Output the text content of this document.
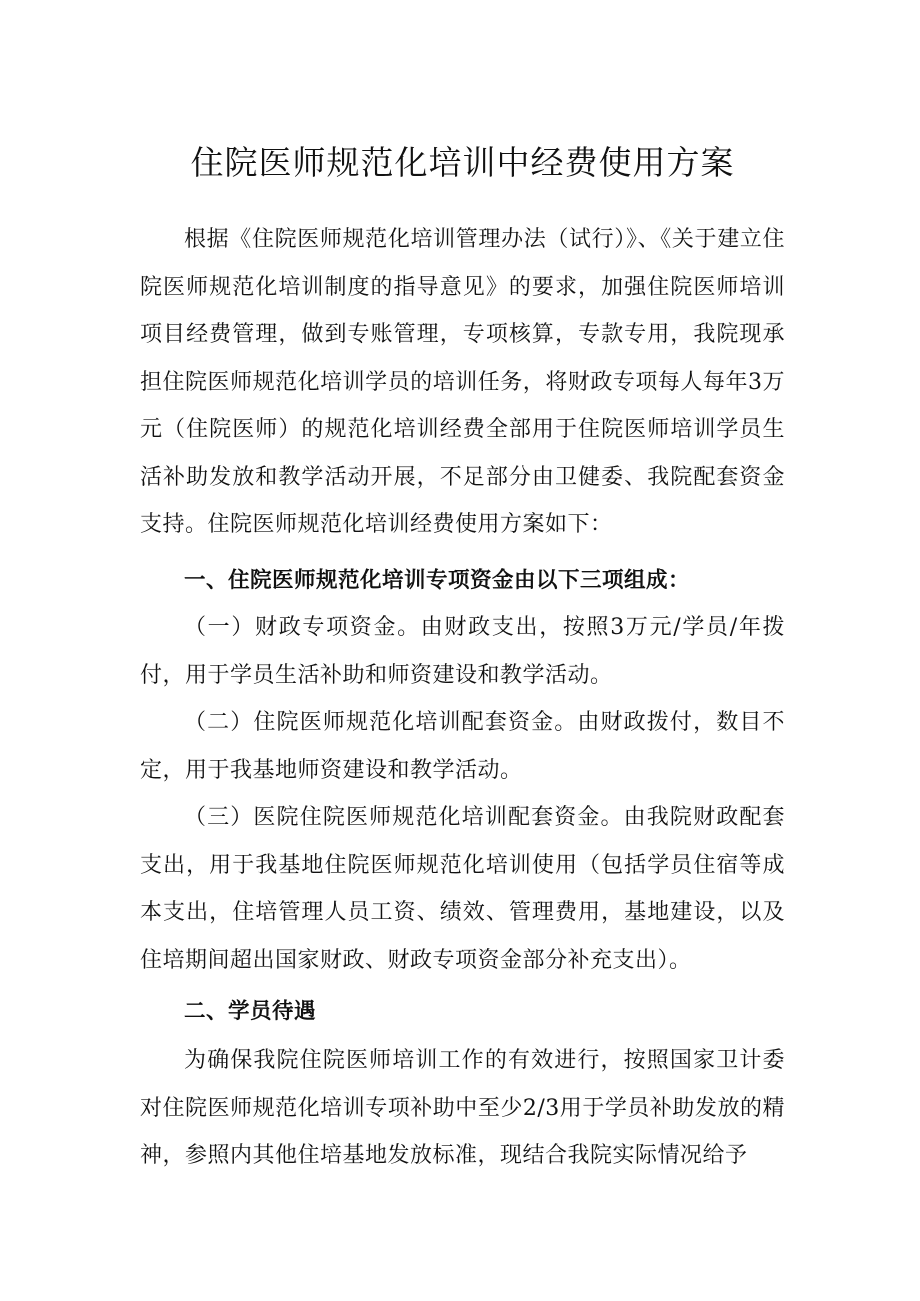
住院医师规范化培训中经费使用方案

根据《住院医师规范化培训管理办法（试行）》、《关于建立住院医师规范化培训制度的指导意见》的要求，加强住院医师培训项目经费管理，做到专账管理，专项核算，专款专用，我院现承担住院医师规范化培训学员的培训任务，将财政专项每人每年3万元（住院医师）的规范化培训经费全部用于住院医师培训学员生活补助发放和教学活动开展，不足部分由卫健委、我院配套资金支持。住院医师规范化培训经费使用方案如下：

一、住院医师规范化培训专项资金由以下三项组成：

（一）财政专项资金。由财政支出，按照3万元/学员/年拨付，用于学员生活补助和师资建设和教学活动。

（二）住院医师规范化培训配套资金。由财政拨付，数目不定，用于我基地师资建设和教学活动。

（三）医院住院医师规范化培训配套资金。由我院财政配套支出，用于我基地住院医师规范化培训使用（包括学员住宿等成本支出，住培管理人员工资、绩效、管理费用，基地建设，以及住培期间超出国家财政、财政专项资金部分补充支出）。

二、学员待遇

为确保我院住院医师培训工作的有效进行，按照国家卫计委对住院医师规范化培训专项补助中至少2/3用于学员补助发放的精神，参照内其他住培基地发放标准，现结合我院实际情况给予
